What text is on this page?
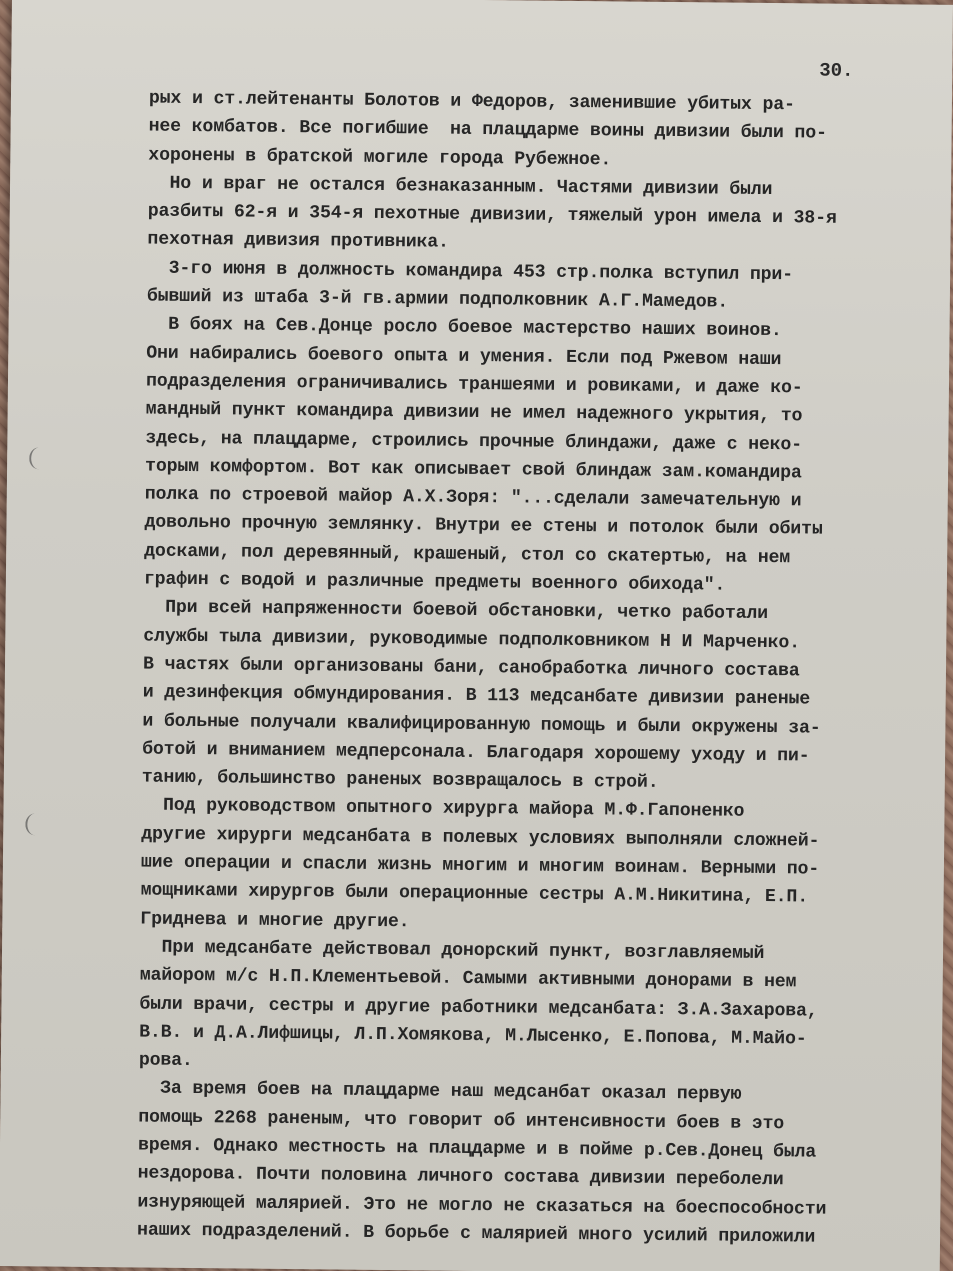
30.
рых и ст.лейтенанты Болотов и Федоров, заменившие убитых ра-
нее комбатов. Все погибшие  на плацдарме воины дивизии были по-
хоронены в братской могиле города Рубежное.
Но и враг не остался безнаказанным. Частями дивизии были
разбиты 62-я и 354-я пехотные дивизии, тяжелый урон имела и 38-я
пехотная дивизия противника.
3-го июня в должность командира 453 стр.полка вступил при-
бывший из штаба 3-й гв.армии подполковник А.Г.Мамедов.
В боях на Сев.Донце росло боевое мастерство наших воинов.
Они набирались боевого опыта и умения. Если под Ржевом наши
подразделения ограничивались траншеями и ровиками, и даже ко-
мандный пункт командира дивизии не имел надежного укрытия, то
здесь, на плацдарме, строились прочные блиндажи, даже с неко-
торым комфортом. Вот как описывает свой блиндаж зам.командира
полка по строевой майор А.Х.Зоря: "...сделали замечательную и
довольно прочную землянку. Внутри ее стены и потолок были обиты
досками, пол деревянный, крашеный, стол со скатертью, на нем
графин с водой и различные предметы военного обихода".
При всей напряженности боевой обстановки, четко работали
службы тыла дивизии, руководимые подполковником Н И Марченко.
В частях были организованы бани, санобработка личного состава
и дезинфекция обмундирования. В 113 медсанбате дивизии раненые
и больные получали квалифицированную помощь и были окружены за-
ботой и вниманием медперсонала. Благодаря хорошему уходу и пи-
танию, большинство раненых возвращалось в строй.
Под руководством опытного хирурга майора М.Ф.Гапоненко
другие хирурги медсанбата в полевых условиях выполняли сложней-
шие операции и спасли жизнь многим и многим воинам. Верными по-
мощниками хирургов были операционные сестры А.М.Никитина, Е.П.
Гриднева и многие другие.
При медсанбате действовал донорский пункт, возглавляемый
майором м/с Н.П.Клементьевой. Самыми активными донорами в нем
были врачи, сестры и другие работники медсанбата: З.А.Захарова,
В.В. и Д.А.Лифшицы, Л.П.Хомякова, М.Лысенко, Е.Попова, М.Майо-
рова.
За время боев на плацдарме наш медсанбат оказал первую
помощь 2268 раненым, что говорит об интенсивности боев в это
время. Однако местность на плацдарме и в пойме р.Сев.Донец была
нездорова. Почти половина личного состава дивизии переболели
изнуряющей малярией. Это не могло не сказаться на боеспособности
наших подразделений. В борьбе с малярией много усилий приложили
